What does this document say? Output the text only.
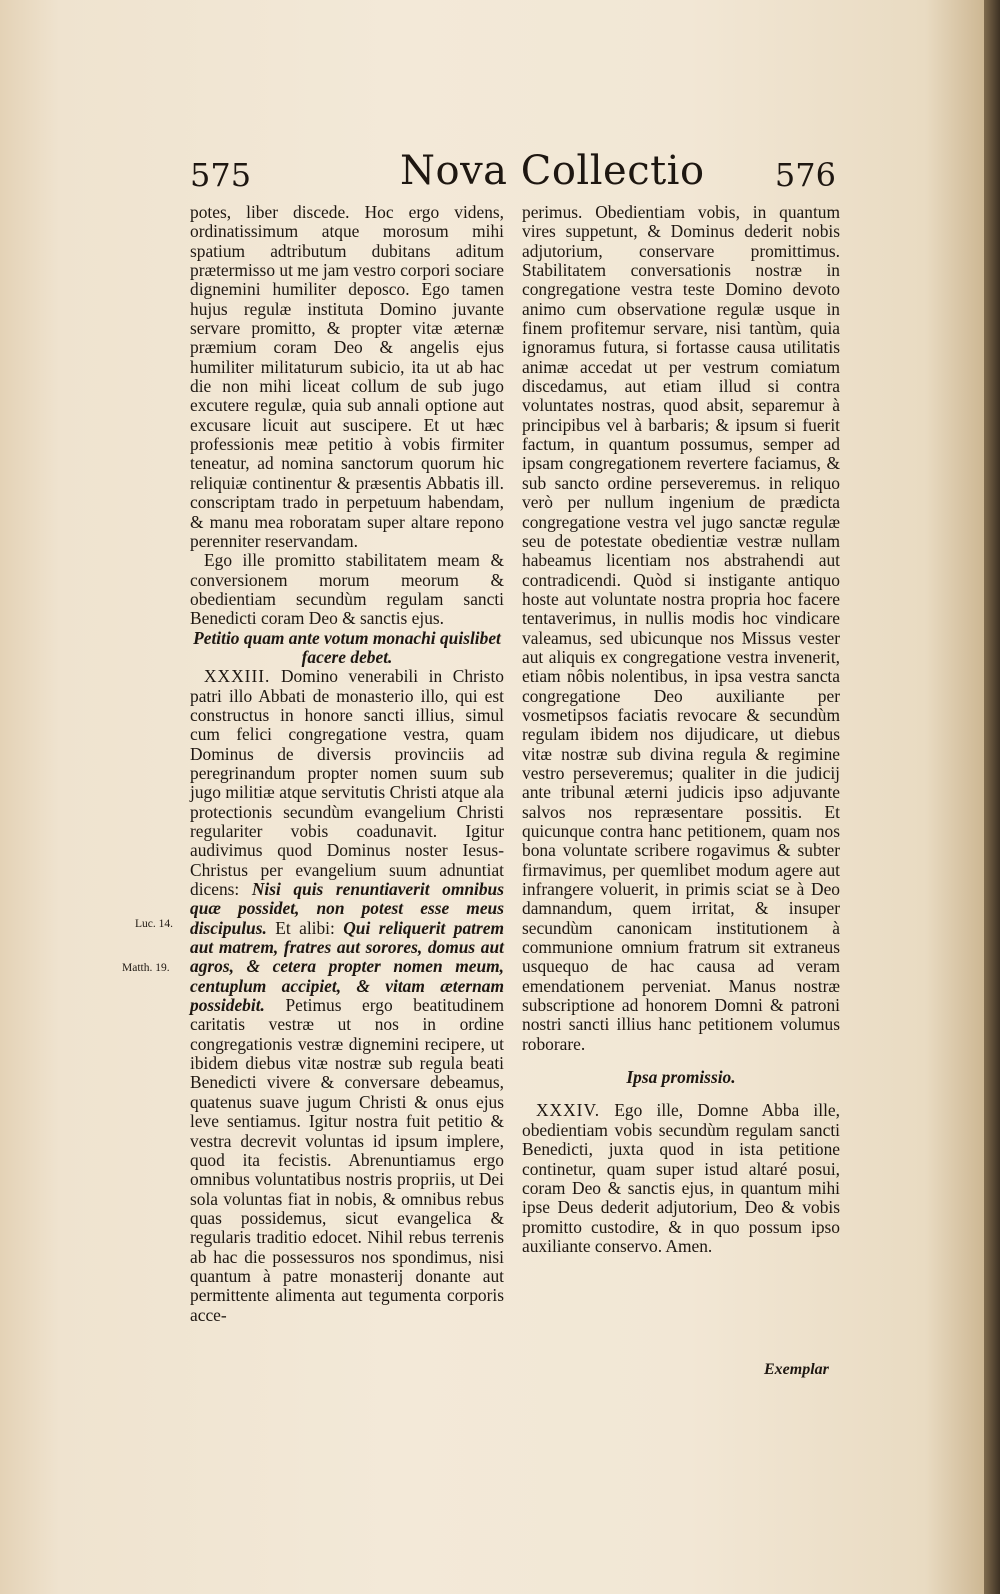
575	Nova Collectio 576

potes, liber discede. Hoc ergo videns, ordinatissimum atque morosum mihi spatium adtributum dubitans aditum prætermisso ut me jam vestro corpori sociare dignemini humiliter deposco. Ego tamen hujus regulæ instituta Domino juvante servare promitto, & propter vitæ æternæ præmium coram Deo & angelis ejus humiliter militaturum subicio, ita ut ab hac die non mihi liceat collum de sub jugo excutere regulæ, quia sub annali optione aut excusare licuit aut suscipere. Et ut hæc professionis meæ petitio à vobis firmiter teneatur, ad nomina sanctorum quorum hic reliquiæ continentur & præsentis Abbatis ill. conscriptam trado in perpetuum habendam, & manu mea roboratam super altare repono perenniter reservandam.

Ego ille promitto stabilitatem meam & conversionem morum meorum & obedientiam secundùm regulam sancti Benedicti coram Deo & sanctis ejus.

Petitio quam ante votum monachi quislibet

facere debet.

XXXIII. Domino venerabili in Christo patri illo Abbati de monasterio illo, qui est constructus in honore sancti illius, simul cum felici congregatione vestra, quam Dominus de diversis provinciis ad peregrinandum propter nomen suum sub jugo militiæ atque servitutis Christi atque ala protectionis secundùm evangelium Christi regulariter vobis coadunavit. Igitur audivimus quod Dominus noster Iesus-Christus per evangelium suum adnuntiat dicens: Nisi quis renuntiaverit omnibus quæ possidet, non potest esse meus discipulus. Et alibi: Qui reliquerit patrem aut matrem, fratres aut sorores, domus aut agros, & cetera propter nomen meum, centuplum accipiet, & vitam æternam possidebit. Petimus ergo beatitudinem caritatis vestræ ut nos in ordine congregationis vestræ dignemini recipere, ut ibidem diebus vitæ nostræ sub regula beati Benedicti vivere & conversare debeamus, quatenus suave jugum Christi & onus ejus leve sentiamus. Igitur nostra fuit petitio & vestra decrevit voluntas id ipsum implere, quod ita fecistis. Abrenuntiamus ergo omnibus voluntatibus nostris propriis, ut Dei sola voluntas fiat in nobis, & omnibus rebus quas possidemus, sicut evangelica & regularis traditio edocet. Nihil rebus terrenis ab hac die possessuros nos spondimus, nisi quantum à patre monasterij donante aut permittente alimenta aut tegumenta corporis acce-

perimus. Obedientiam vobis, in quantum vires suppetunt, & Dominus dederit nobis adjutorium, conservare promittimus. Stabilitatem conversationis nostræ in congregatione vestra teste Domino devoto animo cum observatione regulæ usque in finem profitemur servare, nisi tantùm, quia ignoramus futura, si fortasse causa utilitatis animæ accedat ut per vestrum comiatum discedamus, aut etiam illud si contra voluntates nostras, quod absit, separemur à principibus vel à barbaris; & ipsum si fuerit factum, in quantum possumus, semper ad ipsam congregationem revertere faciamus, & sub sancto ordine perseveremus. in reliquo verò per nullum ingenium de prædicta congregatione vestra vel jugo sanctæ regulæ seu de potestate obedientiæ vestræ nullam habeamus licentiam nos abstrahendi aut contradicendi. Quòd si instigante antiquo hoste aut voluntate nostra propria hoc facere tentaverimus, in nullis modis hoc vindicare valeamus, sed ubicunque nos Missus vester aut aliquis ex congregatione vestra invenerit, etiam nôbis nolentibus, in ipsa vestra sancta congregatione Deo auxiliante per vosmetipsos faciatis revocare & secundùm regulam ibidem nos dijudicare, ut diebus vitæ nostræ sub divina regula & regimine vestro perseveremus; qualiter in die judicij ante tribunal æterni judicis ipso adjuvante salvos nos repræsentare possitis. Et quicunque contra hanc petitionem, quam nos bona voluntate scribere rogavimus & subter firmavimus, per quemlibet modum agere aut infrangere voluerit, in primis sciat se à Deo damnandum, quem irritat, & insuper secundùm canonicam institutionem à communione omnium fratrum sit extraneus usquequo de hac causa ad veram emendationem perveniat. Manus nostræ subscriptione ad honorem Domni & patroni nostri sancti illius hanc petitionem volumus roborare.

Ipsa promissio.

XXXIV. Ego ille, Domne Abba ille, obedientiam vobis secundùm regulam sancti Benedicti, juxta quod in ista petitione continetur, quam super istud altaré posui, coram Deo & sanctis ejus, in quantum mihi ipse Deus dederit adjutorium, Deo & vobis promitto custodire, & in quo possum ipso auxiliante conservo. Amen.

Luc. 14.
Matth. 19.
Exemplar
